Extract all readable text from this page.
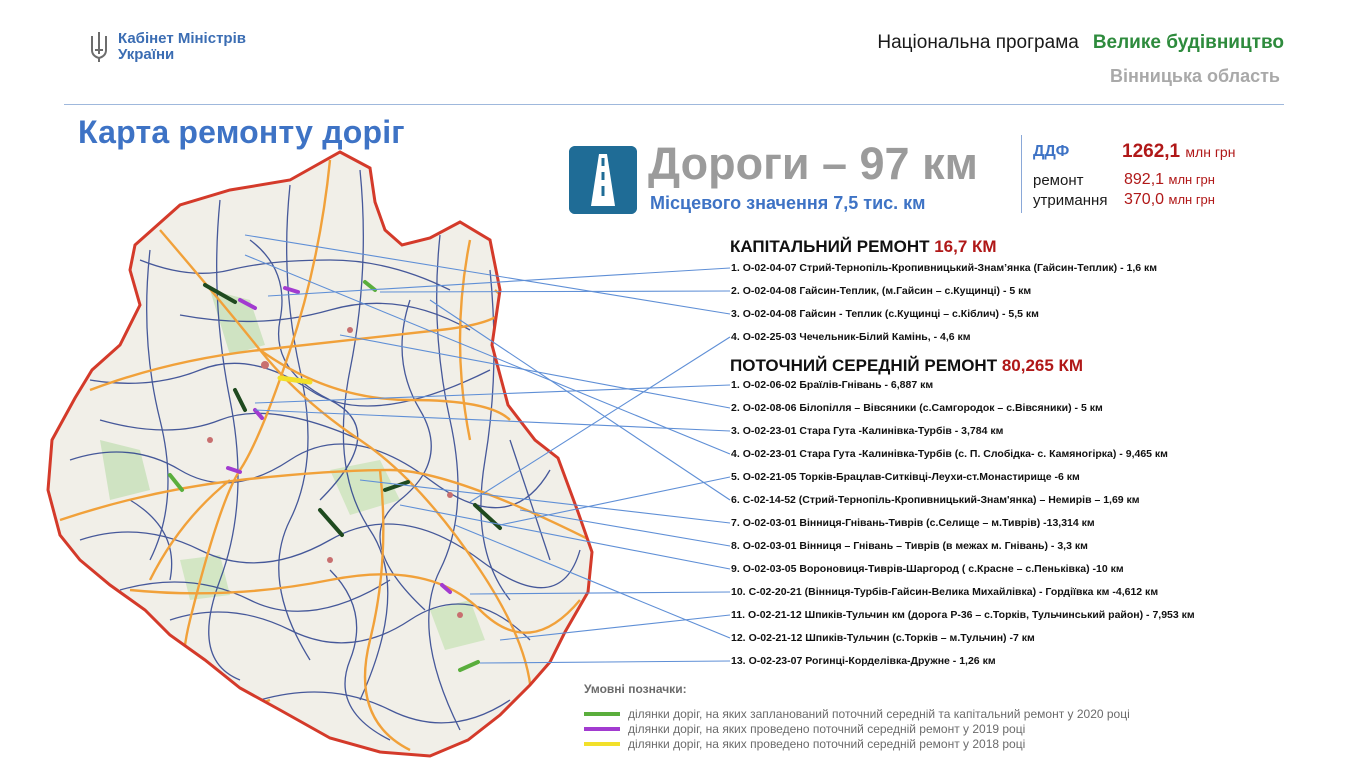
Кабінет Міністрів
України
Національна програма Велике будівництво
Вінницька область
Карта ремонту доріг
Дороги – 97 км
Місцевого значення 7,5 тис. км
ДДФ	1262,1 млн грн
ремонт	892,1 млн грн
утримання 370,0 млн грн
КАПІТАЛЬНИЙ РЕМОНТ 16,7 КМ
1. О-02-04-07 Стрий-Тернопіль-Кропивницький-Знам’янка (Гайсин-Теплик) - 1,6 км
2. О-02-04-08 Гайсин-Теплик, (м.Гайсин – с.Кущинці) - 5 км
3. О-02-04-08 Гайсин - Теплик (с.Кущинці – с.Кіблич) - 5,5 км
4. О-02-25-03 Чечельник-Білий Камінь, - 4,6 км
ПОТОЧНИЙ СЕРЕДНІЙ РЕМОНТ 80,265 КМ
1. О-02-06-02 Браїлів-Гнівань - 6,887 км
2. О-02-08-06 Білопілля – Вівсяники (с.Самгородок – с.Вівсяники) - 5 км
3. О-02-23-01 Стара Гута -Калинівка-Турбів - 3,784 км
4. О-02-23-01 Стара Гута -Калинівка-Турбів (с. П. Слобідка- с. Камяногірка) - 9,465 км
5. О-02-21-05 Торків-Брацлав-Ситківці-Леухи-ст.Монастирище -6 км
6. С-02-14-52 (Стрий-Тернопіль-Кропивницький-Знам'янка) – Немирів – 1,69 км
7. О-02-03-01 Вінниця-Гнівань-Тиврів (с.Селище – м.Тиврів) -13,314 км
8. О-02-03-01 Вінниця – Гнівань – Тиврів (в межах м. Гнівань) - 3,3 км
9. О-02-03-05 Вороновиця-Тиврів-Шаргород ( с.Красне – с.Пеньківка) -10 км
10. С-02-20-21 (Вінниця-Турбів-Гайсин-Велика Михайлівка) - Гордіївка км -4,612 км
11. О-02-21-12 Шпиків-Тульчин км (дорога Р-36 – с.Торків, Тульчинський район) - 7,953 км
12. О-02-21-12 Шпиків-Тульчин (с.Торків – м.Тульчин) -7 км
13. О-02-23-07 Рогинці-Корделівка-Дружне - 1,26 км
Умовні позначки:
ділянки доріг, на яких запланований поточний середній та капітальний ремонт у 2020 році
ділянки доріг, на яких проведено поточний середній ремонт у 2019 році
ділянки доріг, на яких проведено поточний середній ремонт у 2018 році
